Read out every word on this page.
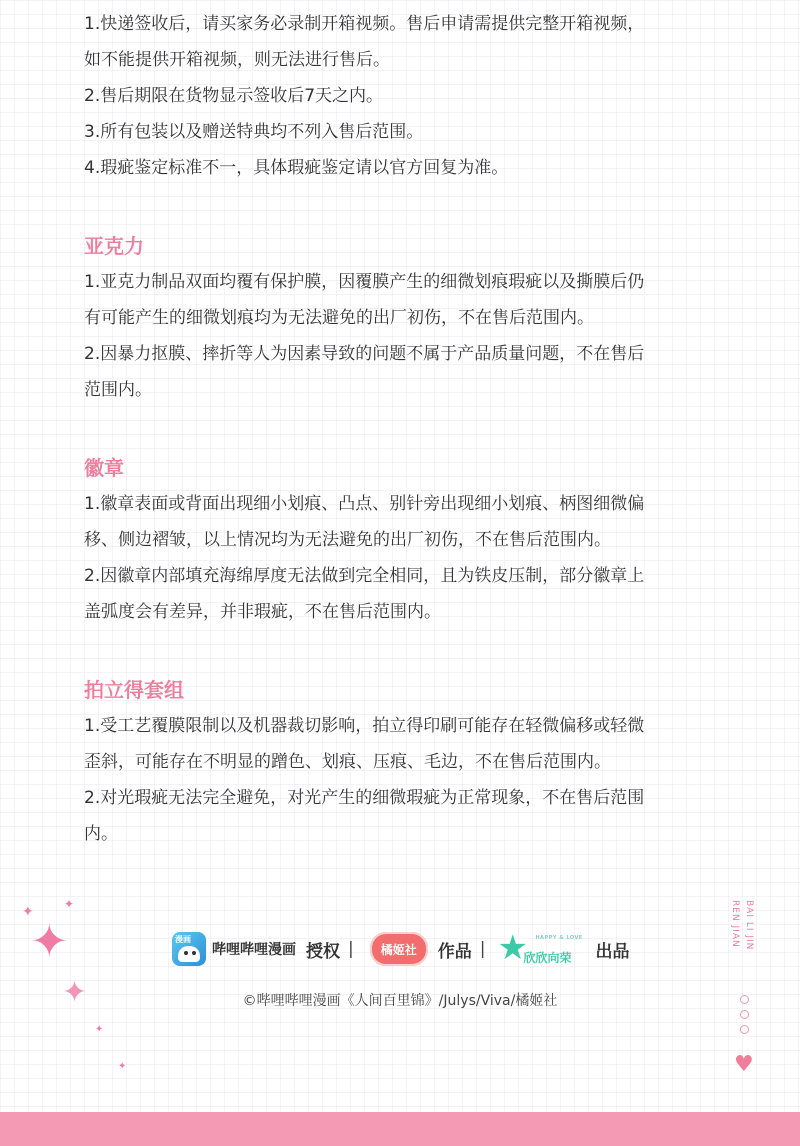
1.快递签收后，请买家务必录制开箱视频。售后申请需提供完整开箱视频，

如不能提供开箱视频，则无法进行售后。

2.售后期限在货物显示签收后7天之内。

3.所有包装以及赠送特典均不列入售后范围。

4.瑕疵鉴定标准不一，具体瑕疵鉴定请以官方回复为准。

亚克力

1.亚克力制品双面均覆有保护膜，因覆膜产生的细微划痕瑕疵以及撕膜后仍

有可能产生的细微划痕均为无法避免的出厂初伤，不在售后范围内。

2.因暴力抠膜、摔折等人为因素导致的问题不属于产品质量问题，不在售后

范围内。

徽章

1.徽章表面或背面出现细小划痕、凸点、别针旁出现细小划痕、柄图细微偏

移、侧边褶皱，以上情况均为无法避免的出厂初伤，不在售后范围内。

2.因徽章内部填充海绵厚度无法做到完全相同，且为铁皮压制，部分徽章上

盖弧度会有差异，并非瑕疵，不在售后范围内。

拍立得套组

1.受工艺覆膜限制以及机器裁切影响，拍立得印刷可能存在轻微偏移或轻微

歪斜，可能存在不明显的蹭色、划痕、压痕、毛边，不在售后范围内。

2.对光瑕疵无法完全避免，对光产生的细微瑕疵为正常现象，不在售后范围

内。

✦	✦
✦
✦
✦
✦
漫画
哔哩哔哩漫画 授权 |	橘姬社	作品 | ★ HAPPY & LOVE
欣欣向荣 出品
©哔哩哔哩漫画《人间百里锦》/Julys/Viva/橘姬社
REN JIAN BAI LI JIN
♥
